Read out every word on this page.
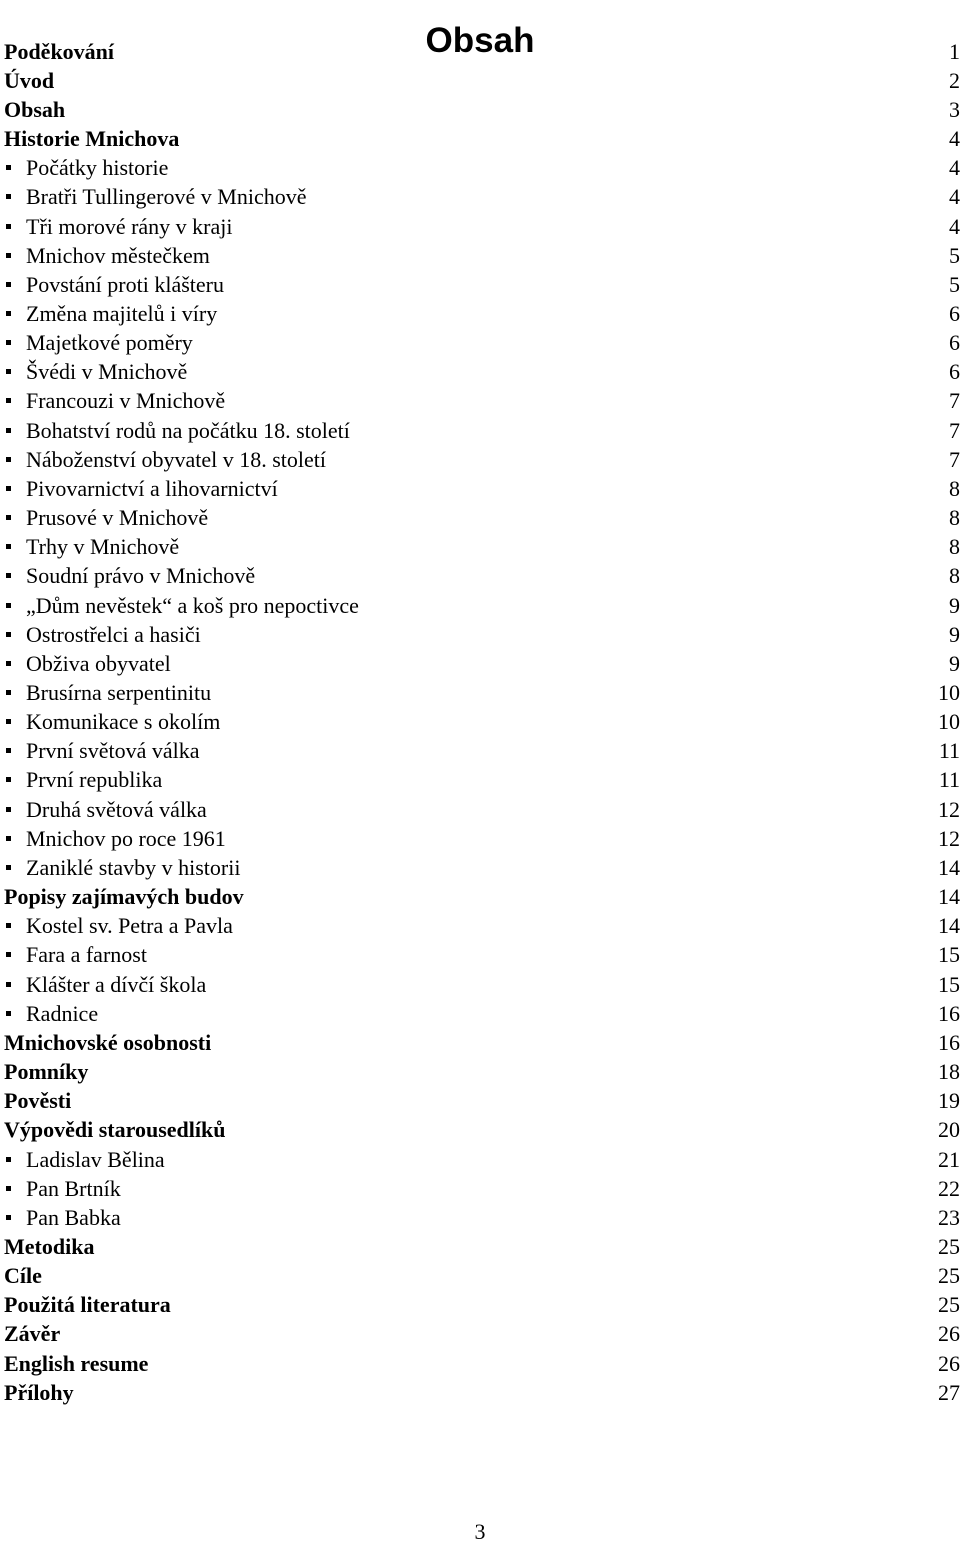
Obsah
Poděkování	1
Úvod	2
Obsah	3
Historie Mnichova	4
Počátky historie	4
Bratři Tullingerové v Mnichově	4
Tři morové rány v kraji	4
Mnichov městečkem	5
Povstání proti klášteru	5
Změna majitelů i víry	6
Majetkové poměry	6
Švédi v Mnichově	6
Francouzi v Mnichově	7
Bohatství rodů na počátku 18. století	7
Náboženství obyvatel v 18. století	7
Pivovarnictví a lihovarnictví	8
Prusové v Mnichově	8
Trhy v Mnichově	8
Soudní právo v Mnichově	8
„Dům nevěstek“ a koš pro nepoctivce	9
Ostrostřelci a hasiči	9
Obživa obyvatel	9
Brusírna serpentinitu	10
Komunikace s okolím	10
První světová válka	11
První republika	11
Druhá světová válka	12
Mnichov po roce 1961	12
Zaniklé stavby v historii	14
Popisy zajímavých budov	14
Kostel sv. Petra a Pavla	14
Fara a farnost	15
Klášter a dívčí škola	15
Radnice	16
Mnichovské osobnosti	16
Pomníky	18
Pověsti	19
Výpovědi starousedlíků	20
Ladislav Bělina	21
Pan Brtník	22
Pan Babka	23
Metodika	25
Cíle	25
Použitá literatura	25
Závěr	26
English resume	26
Přílohy	27
3
